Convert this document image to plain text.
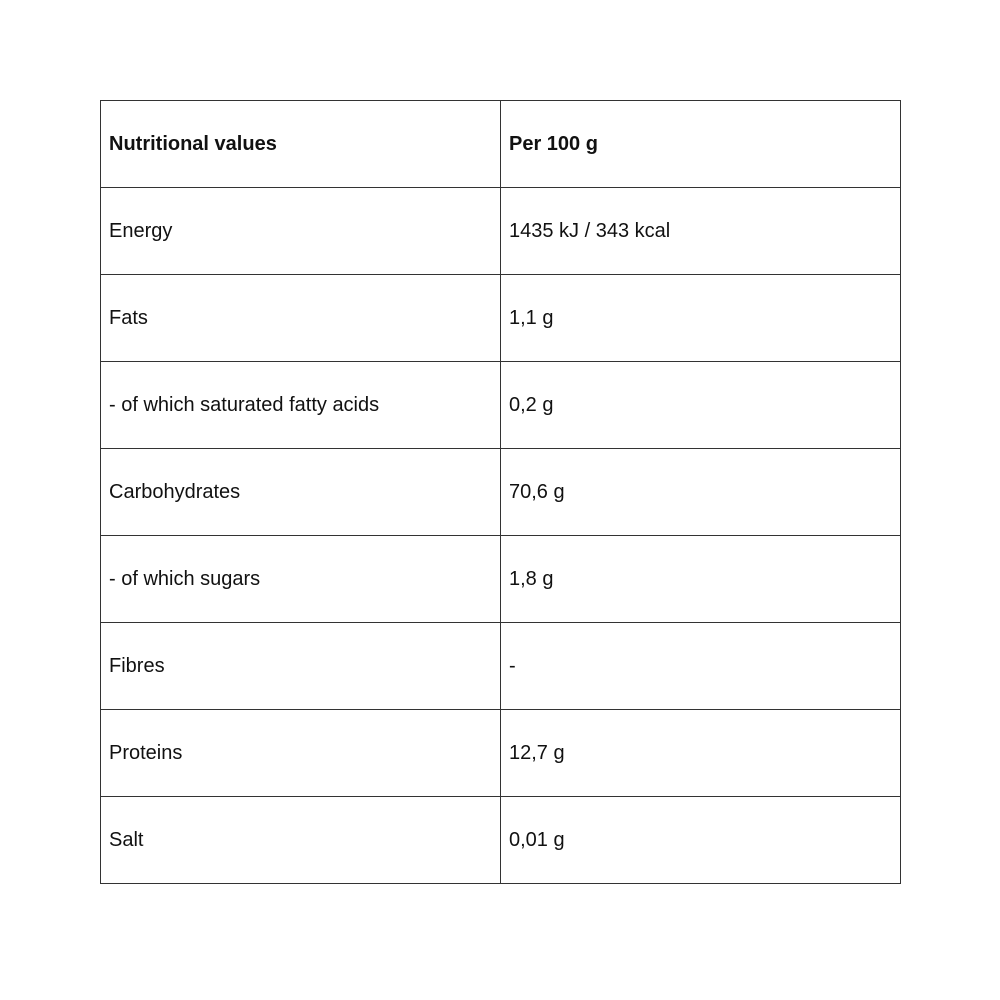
Nutritional values	Per 100 g
Energy	1435 kJ / 343 kcal
Fats	1,1 g
- of which saturated fatty acids	0,2 g
Carbohydrates	70,6 g
- of which sugars	1,8 g
Fibres	-
Proteins	12,7 g
Salt	0,01 g
